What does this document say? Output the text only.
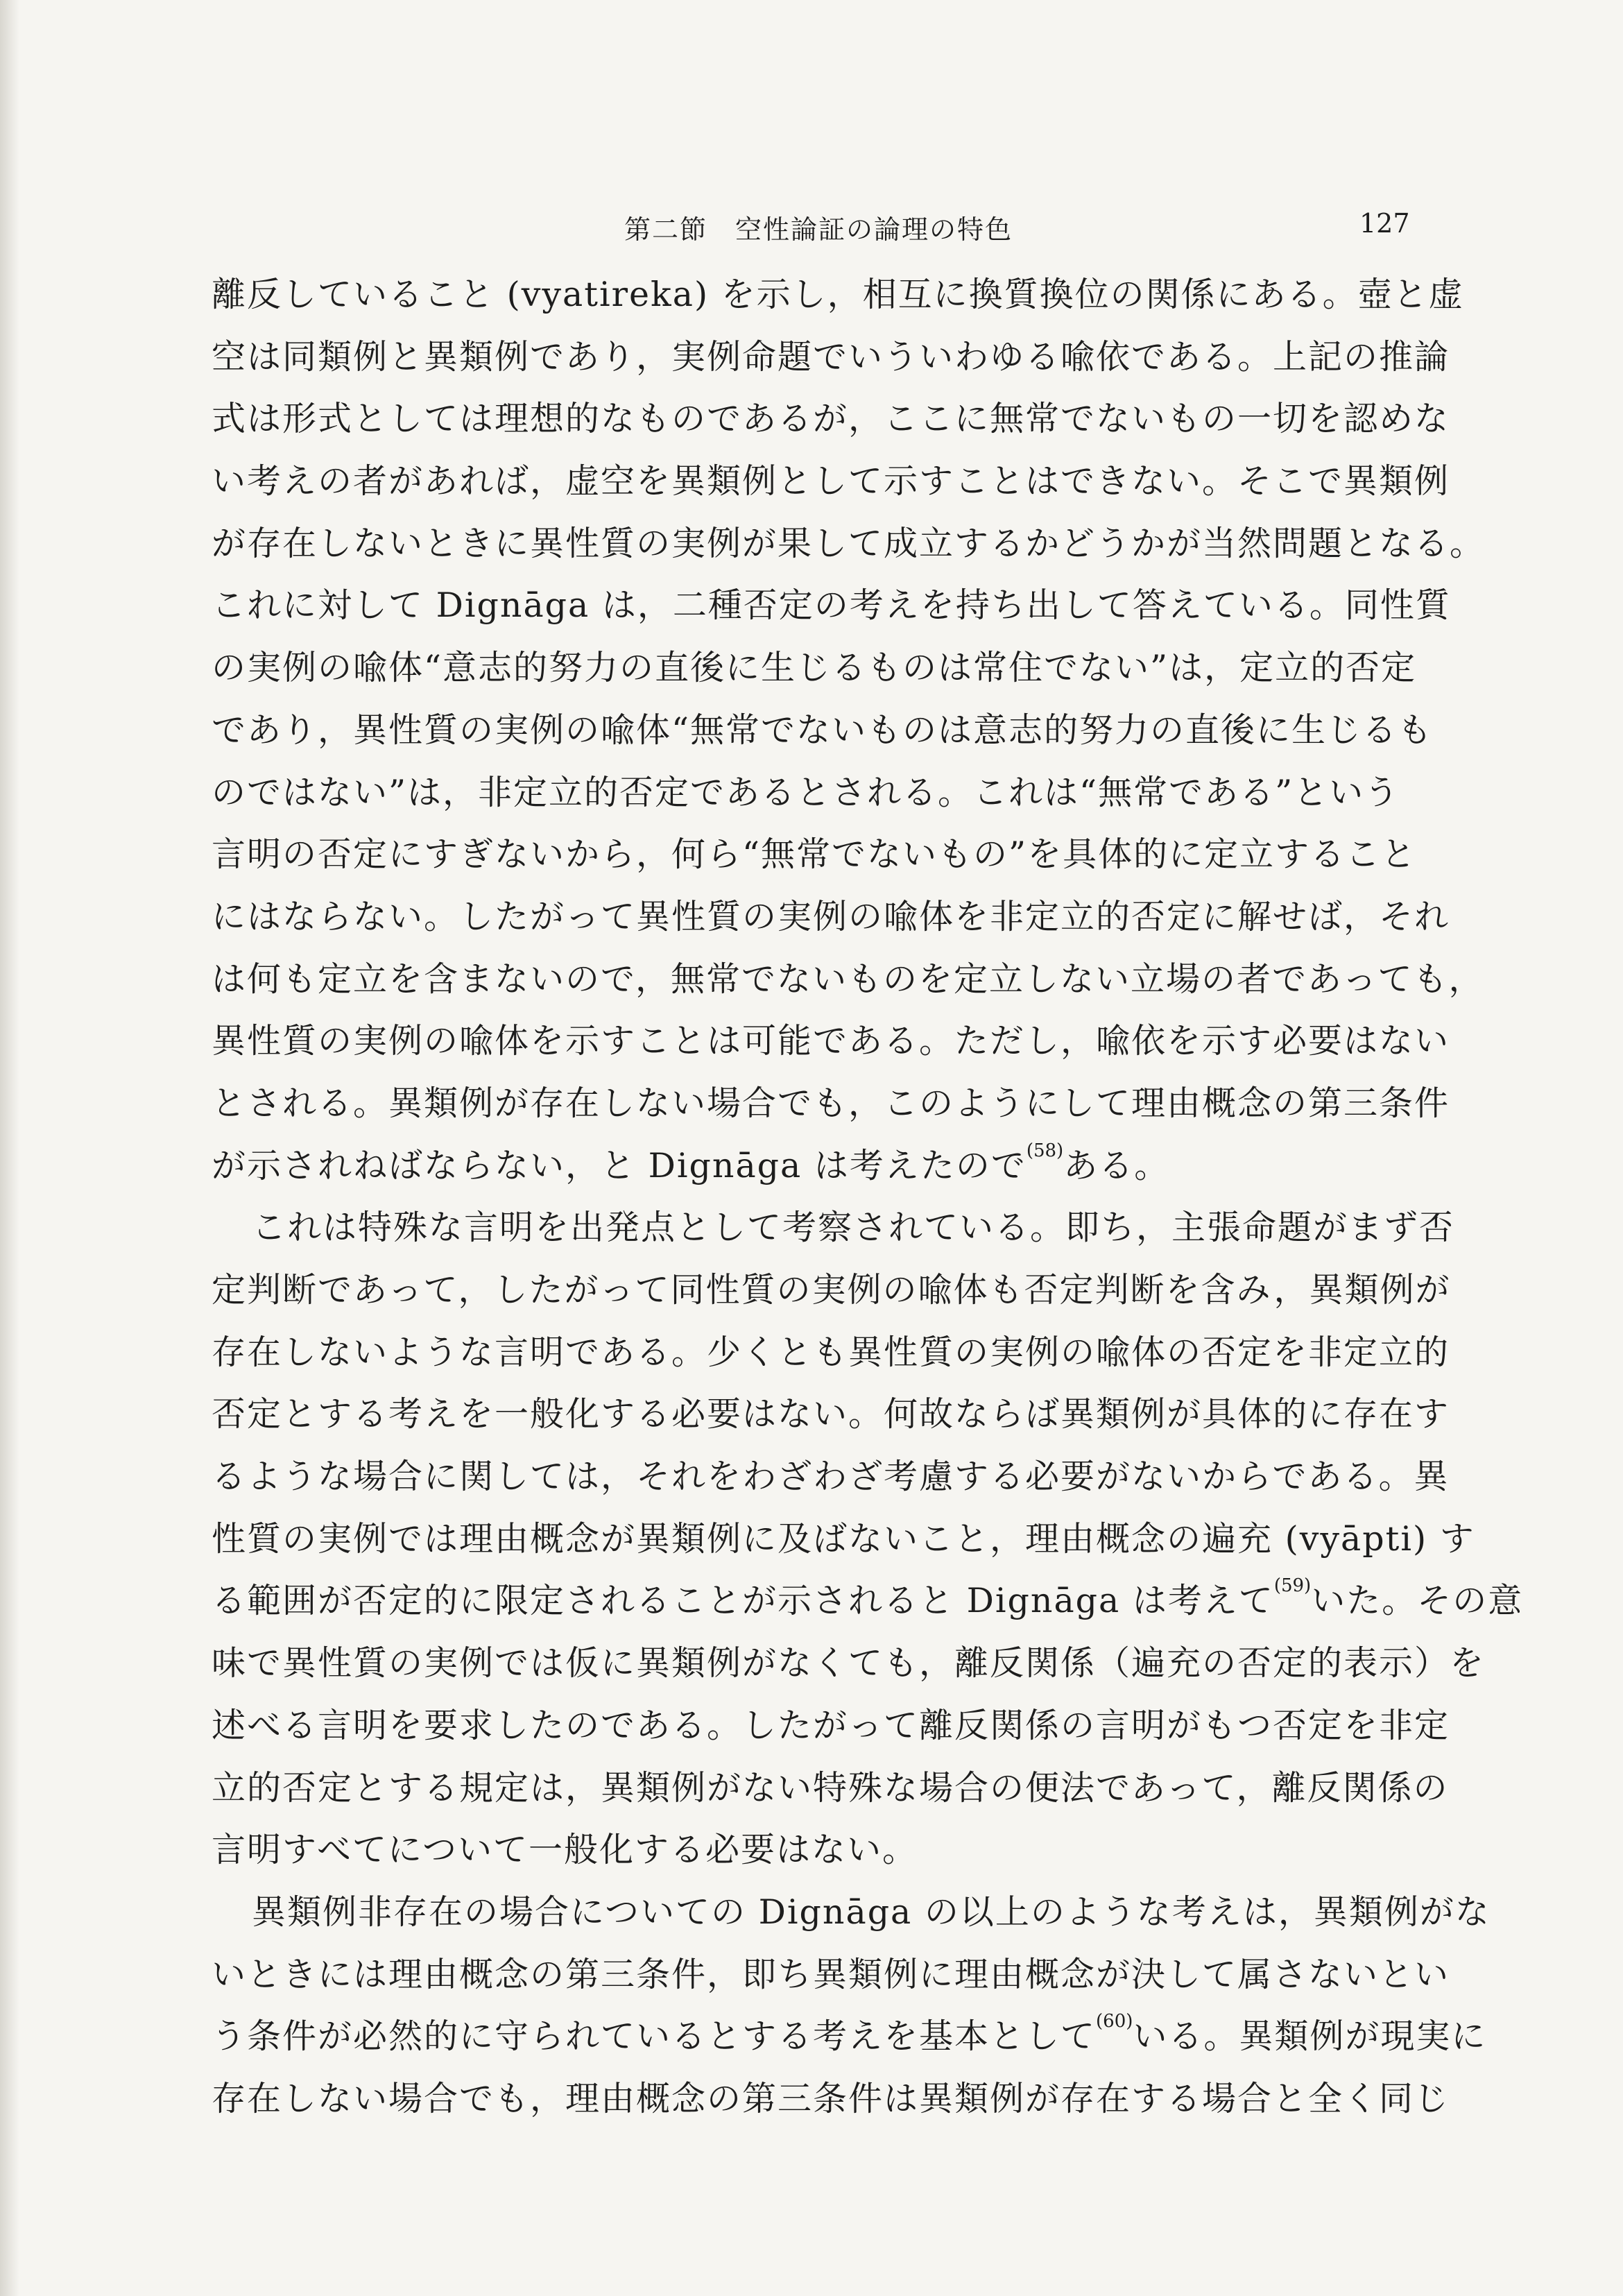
第二節　空性論証の論理の特色	127
離反していること (vyatireka) を示し，相互に換質換位の関係にある。壺と虚
空は同類例と異類例であり，実例命題でいういわゆる喩依である。上記の推論
式は形式としては理想的なものであるが，ここに無常でないもの一切を認めな
い考えの者があれば，虚空を異類例として示すことはできない。そこで異類例
が存在しないときに異性質の実例が果して成立するかどうかが当然問題となる。
これに対して Dignāga は，二種否定の考えを持ち出して答えている。同性質
の実例の喩体“意志的努力の直後に生じるものは常住でない”は，定立的否定
であり，異性質の実例の喩体“無常でないものは意志的努力の直後に生じるも
のではない”は，非定立的否定であるとされる。これは“無常である”という
言明の否定にすぎないから，何ら“無常でないもの”を具体的に定立すること
にはならない。したがって異性質の実例の喩体を非定立的否定に解せば，それ
は何も定立を含まないので，無常でないものを定立しない立場の者であっても，
異性質の実例の喩体を示すことは可能である。ただし，喩依を示す必要はない
とされる。異類例が存在しない場合でも，このようにして理由概念の第三条件
が示されねばならない，と Dignāga は考えたので$^{(58)}$ある。
これは特殊な言明を出発点として考察されている。即ち，主張命題がまず否
定判断であって，したがって同性質の実例の喩体も否定判断を含み，異類例が
存在しないような言明である。少くとも異性質の実例の喩体の否定を非定立的
否定とする考えを一般化する必要はない。何故ならば異類例が具体的に存在す
るような場合に関しては，それをわざわざ考慮する必要がないからである。異
性質の実例では理由概念が異類例に及ばないこと，理由概念の遍充 (vyāpti) す
る範囲が否定的に限定されることが示されると Dignāga は考えて$^{(59)}$いた。その意
味で異性質の実例では仮に異類例がなくても，離反関係（遍充の否定的表示）を
述べる言明を要求したのである。したがって離反関係の言明がもつ否定を非定
立的否定とする規定は，異類例がない特殊な場合の便法であって，離反関係の
言明すべてについて一般化する必要はない。
異類例非存在の場合についての Dignāga の以上のような考えは，異類例がな
いときには理由概念の第三条件，即ち異類例に理由概念が決して属さないとい
う条件が必然的に守られているとする考えを基本として$^{(60)}$いる。異類例が現実に
存在しない場合でも，理由概念の第三条件は異類例が存在する場合と全く同じ
